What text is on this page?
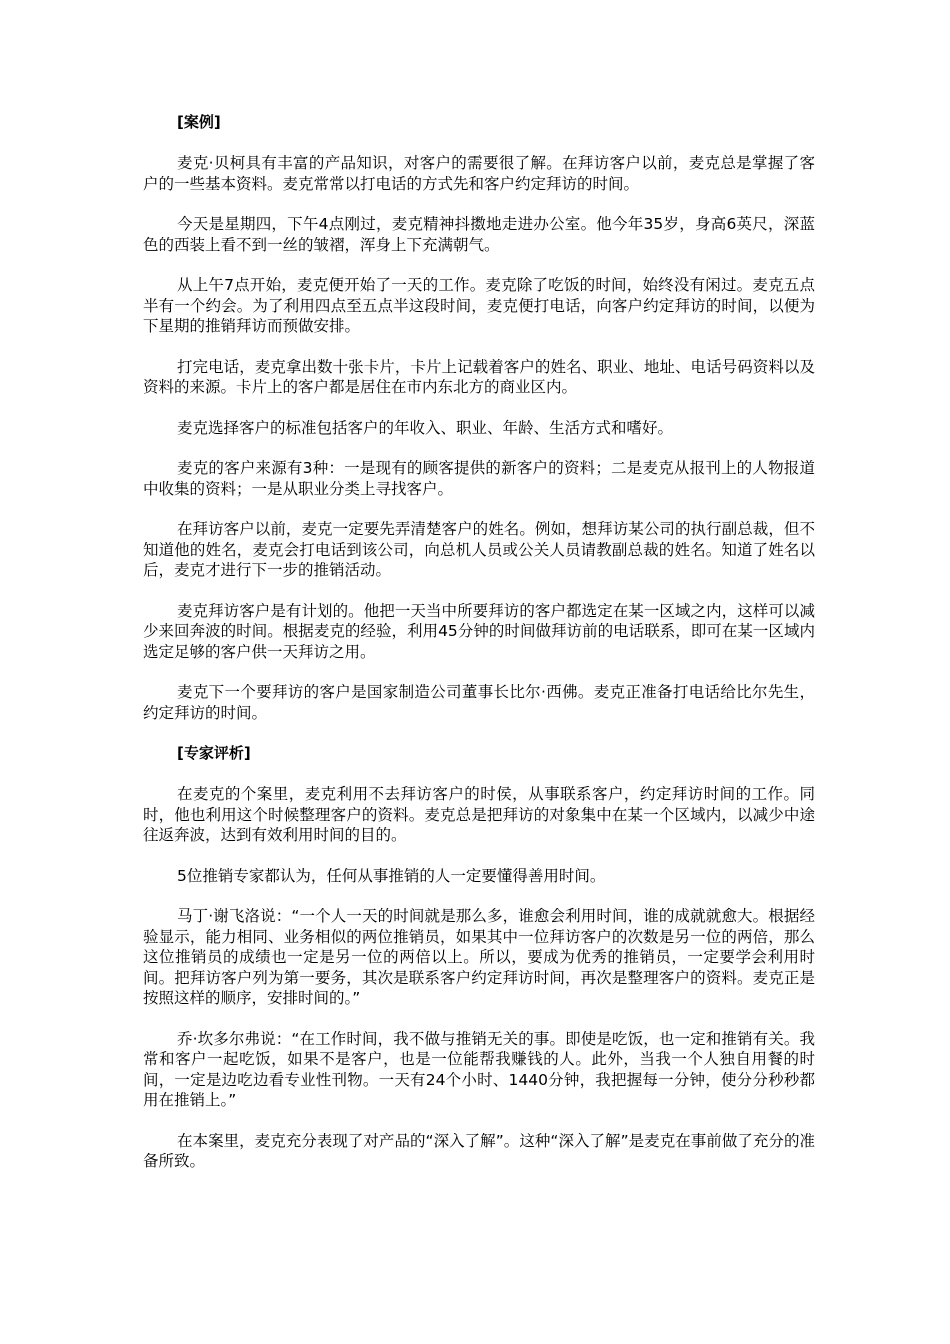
[案例]

麦克·贝柯具有丰富的产品知识，对客户的需要很了解。在拜访客户以前，麦克总是掌握了客户的一些基本资料。麦克常常以打电话的方式先和客户约定拜访的时间。

今天是星期四，下午4点刚过，麦克精神抖擞地走进办公室。他今年35岁，身高6英尺，深蓝色的西装上看不到一丝的皱褶，浑身上下充满朝气。

从上午7点开始，麦克便开始了一天的工作。麦克除了吃饭的时间，始终没有闲过。麦克五点半有一个约会。为了利用四点至五点半这段时间，麦克便打电话，向客户约定拜访的时间，以便为下星期的推销拜访而预做安排。

打完电话，麦克拿出数十张卡片，卡片上记载着客户的姓名、职业、地址、电话号码资料以及资料的来源。卡片上的客户都是居住在市内东北方的商业区内。

麦克选择客户的标准包括客户的年收入、职业、年龄、生活方式和嗜好。

麦克的客户来源有3种：一是现有的顾客提供的新客户的资料；二是麦克从报刊上的人物报道中收集的资料；一是从职业分类上寻找客户。

在拜访客户以前，麦克一定要先弄清楚客户的姓名。例如，想拜访某公司的执行副总裁，但不知道他的姓名，麦克会打电话到该公司，向总机人员或公关人员请教副总裁的姓名。知道了姓名以后，麦克才进行下一步的推销活动。

麦克拜访客户是有计划的。他把一天当中所要拜访的客户都选定在某一区域之内，这样可以减少来回奔波的时间。根据麦克的经验，利用45分钟的时间做拜访前的电话联系，即可在某一区域内选定足够的客户供一天拜访之用。

麦克下一个要拜访的客户是国家制造公司董事长比尔·西佛。麦克正准备打电话给比尔先生，约定拜访的时间。

[专家评析]

在麦克的个案里，麦克利用不去拜访客户的时侯，从事联系客户，约定拜访时间的工作。同时，他也利用这个时候整理客户的资料。麦克总是把拜访的对象集中在某一个区域内，以减少中途往返奔波，达到有效利用时间的目的。

5位推销专家都认为，任何从事推销的人一定要懂得善用时间。

马丁·谢飞洛说：“一个人一天的时间就是那么多，谁愈会利用时间，谁的成就就愈大。根据经验显示，能力相同、业务相似的两位推销员，如果其中一位拜访客户的次数是另一位的两倍，那么这位推销员的成绩也一定是另一位的两倍以上。所以，要成为优秀的推销员，一定要学会利用时间。把拜访客户列为第一要务，其次是联系客户约定拜访时间，再次是整理客户的资料。麦克正是按照这样的顺序，安排时间的。”

乔·坎多尔弗说：“在工作时间，我不做与推销无关的事。即使是吃饭，也一定和推销有关。我常和客户一起吃饭，如果不是客户，也是一位能帮我赚钱的人。此外，当我一个人独自用餐的时间，一定是边吃边看专业性刊物。一天有24个小时、1440分钟，我把握每一分钟，使分分秒秒都用在推销上。”

在本案里，麦克充分表现了对产品的“深入了解”。这种“深入了解”是麦克在事前做了充分的准备所致。
